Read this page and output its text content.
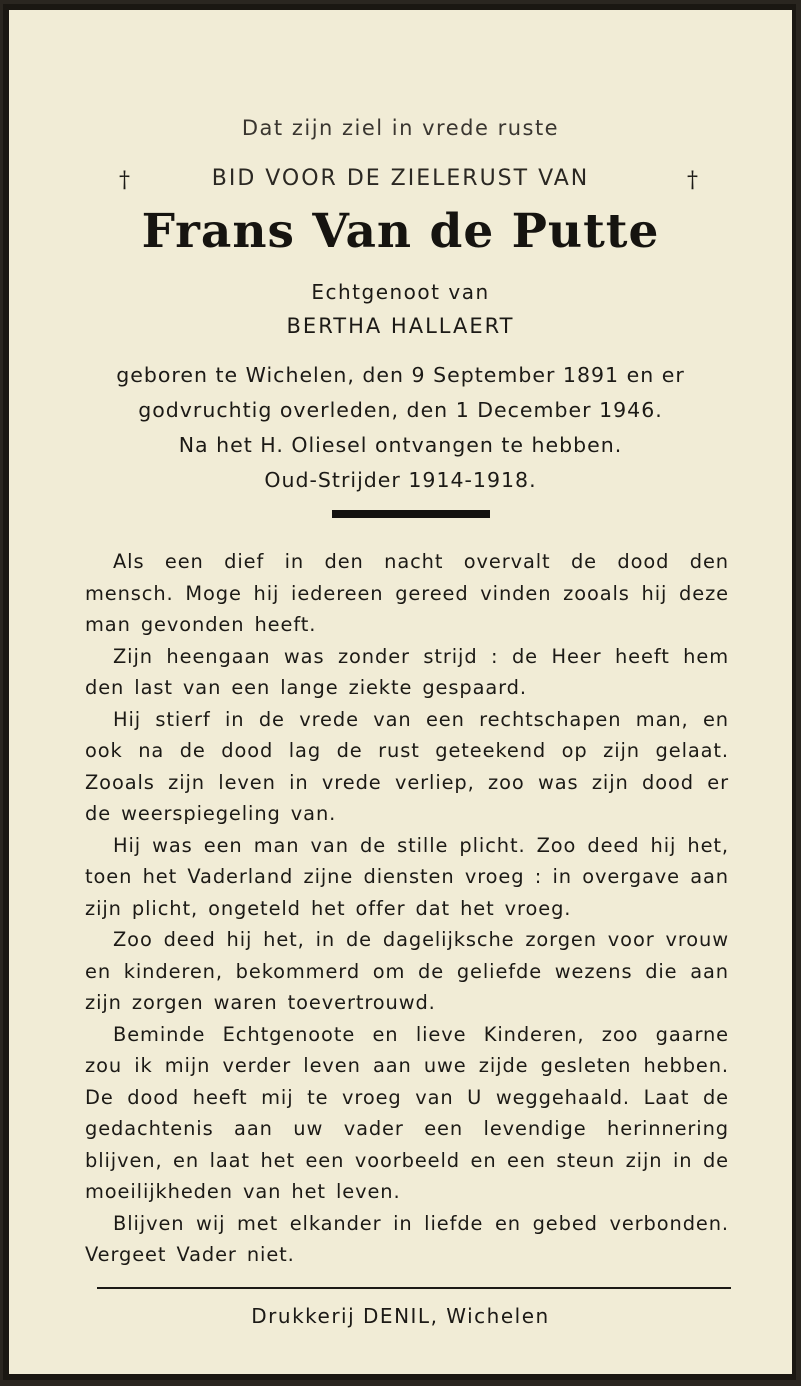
Dat zijn ziel in vrede ruste
†	BID VOOR DE ZIELERUST VAN	†
Frans Van de Putte
Echtgenoot van
BERTHA HALLAERT
geboren te Wichelen, den 9 September 1891 en er
godvruchtig overleden, den 1 December 1946.
Na het H. Oliesel ontvangen te hebben.
Oud-Strijder 1914-1918.

Als een dief in den nacht overvalt de dood den mensch. Moge hij iedereen gereed vinden zooals hij deze man gevonden heeft.

Zijn heengaan was zonder strijd : de Heer heeft hem den last van een lange ziekte gespaard.

Hij stierf in de vrede van een rechtschapen man, en ook na de dood lag de rust geteekend op zijn gelaat. Zooals zijn leven in vrede verliep, zoo was zijn dood er de weerspiegeling van.

Hij was een man van de stille plicht. Zoo deed hij het, toen het Vaderland zijne diensten vroeg : in overgave aan zijn plicht, ongeteld het offer dat het vroeg.

Zoo deed hij het, in de dagelijksche zorgen voor vrouw en kinderen, bekommerd om de geliefde wezens die aan zijn zorgen waren toevertrouwd.

Beminde Echtgenoote en lieve Kinderen, zoo gaarne zou ik mijn verder leven aan uwe zijde gesleten hebben. De dood heeft mij te vroeg van U weggehaald. Laat de gedachtenis aan uw vader een levendige herinnering blijven, en laat het een voorbeeld en een steun zijn in de moeilijkheden van het leven.

Blijven wij met elkander in liefde en gebed verbonden. Vergeet Vader niet.

Drukkerij DENIL, Wichelen
